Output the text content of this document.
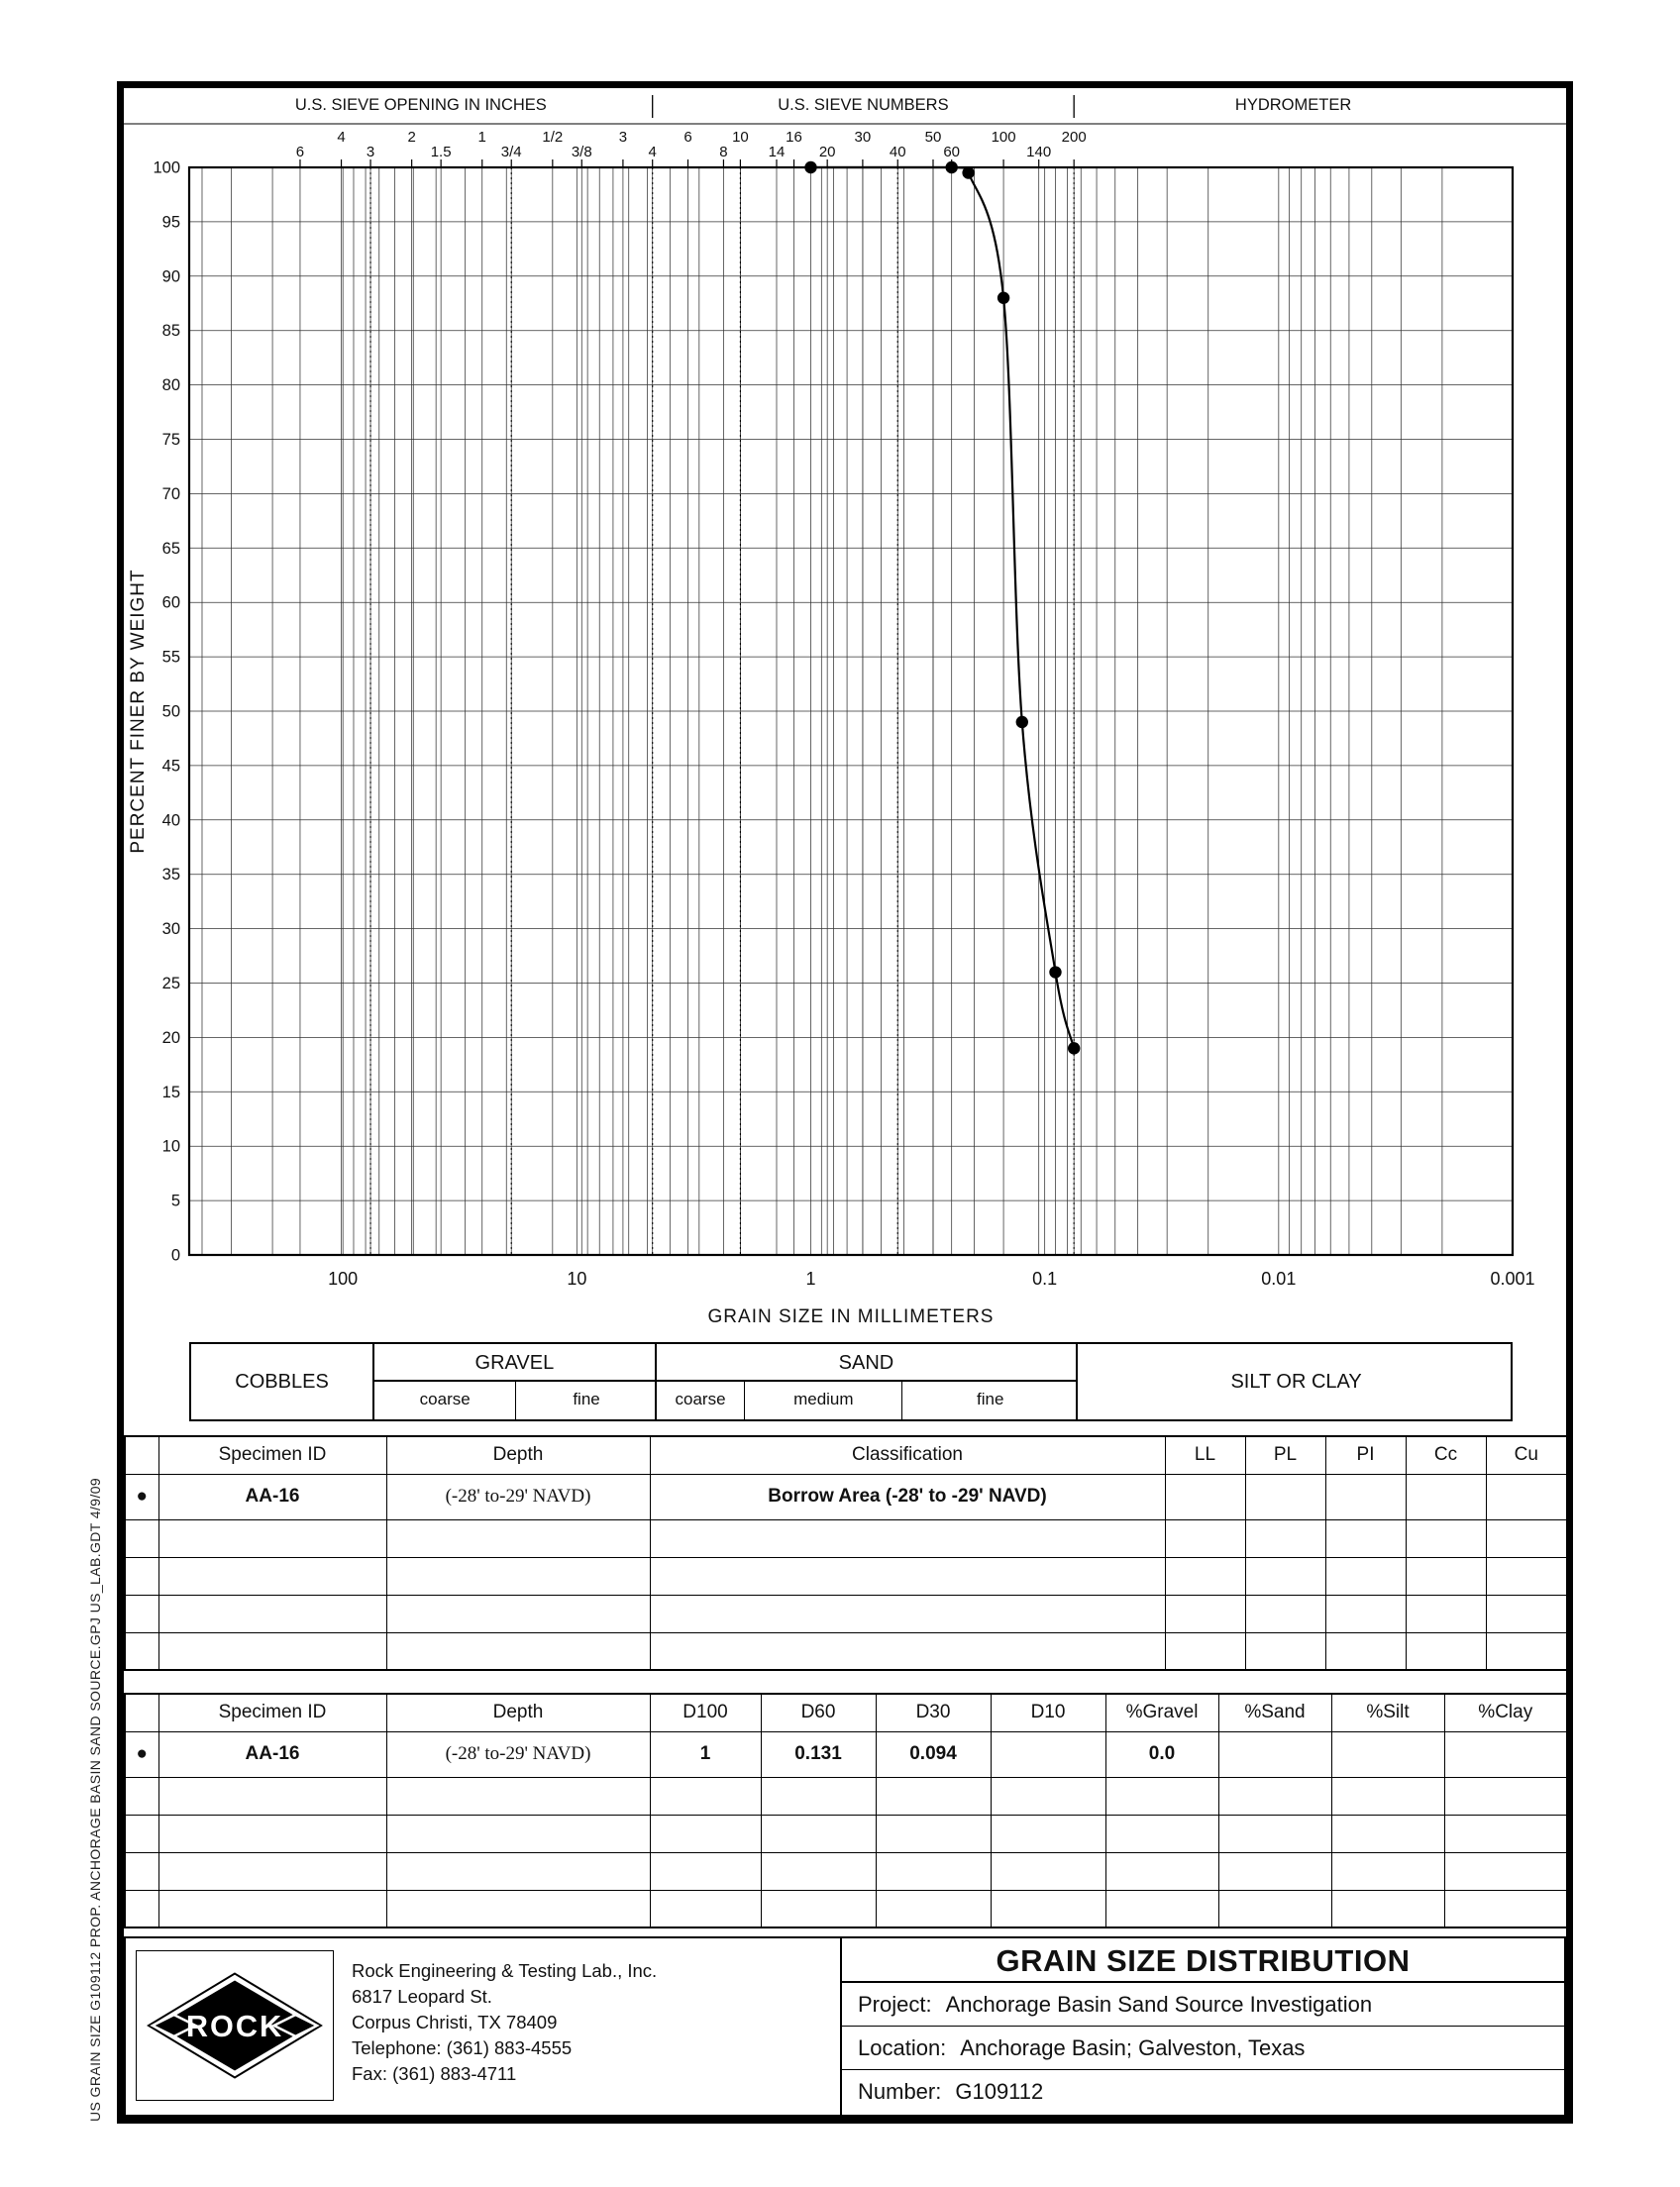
US GRAIN SIZE G109112 PROP. ANCHORAGE BASIN SAND SOURCE.GPJ US_LAB.GDT 4/9/09
U.S. SIEVE OPENING IN INCHES	U.S. SIEVE NUMBERS	HYDROMETER
6
4
3
2
1.5
1
3/4
1/2
3/8
3
4
6
8
10
14
16
20
30
40
50
60
100
140
200
100
95
90
85
80
75
70
65
60
55
50
45
40
35
30
25
20
15
10
5
0
100	10	1	0.1	0.01	0.001
GRAIN SIZE IN MILLIMETERS
PERCENT FINER BY WEIGHT
COBBLES
GRAVEL
coarse	fine
SAND
coarse	medium	fine
SILT OR CLAY
	Specimen ID	Depth	Classification	LL	PL	PI	Cc	Cu
●	AA-16	(-28' to-29' NAVD)	Borrow Area (-28' to -29' NAVD)					

	Specimen ID	Depth	D100	D60	D30	D10	%Gravel	%Sand	%Silt	%Clay
●	AA-16	(-28' to-29' NAVD)	1	0.131	0.094		0.0			

ROCK
Rock Engineering & Testing Lab., Inc.
6817 Leopard St.
Corpus Christi, TX 78409
Telephone: (361) 883-4555
Fax: (361) 883-4711
GRAIN SIZE DISTRIBUTION
Project: Anchorage Basin Sand Source Investigation
Location: Anchorage Basin; Galveston, Texas
Number: G109112
